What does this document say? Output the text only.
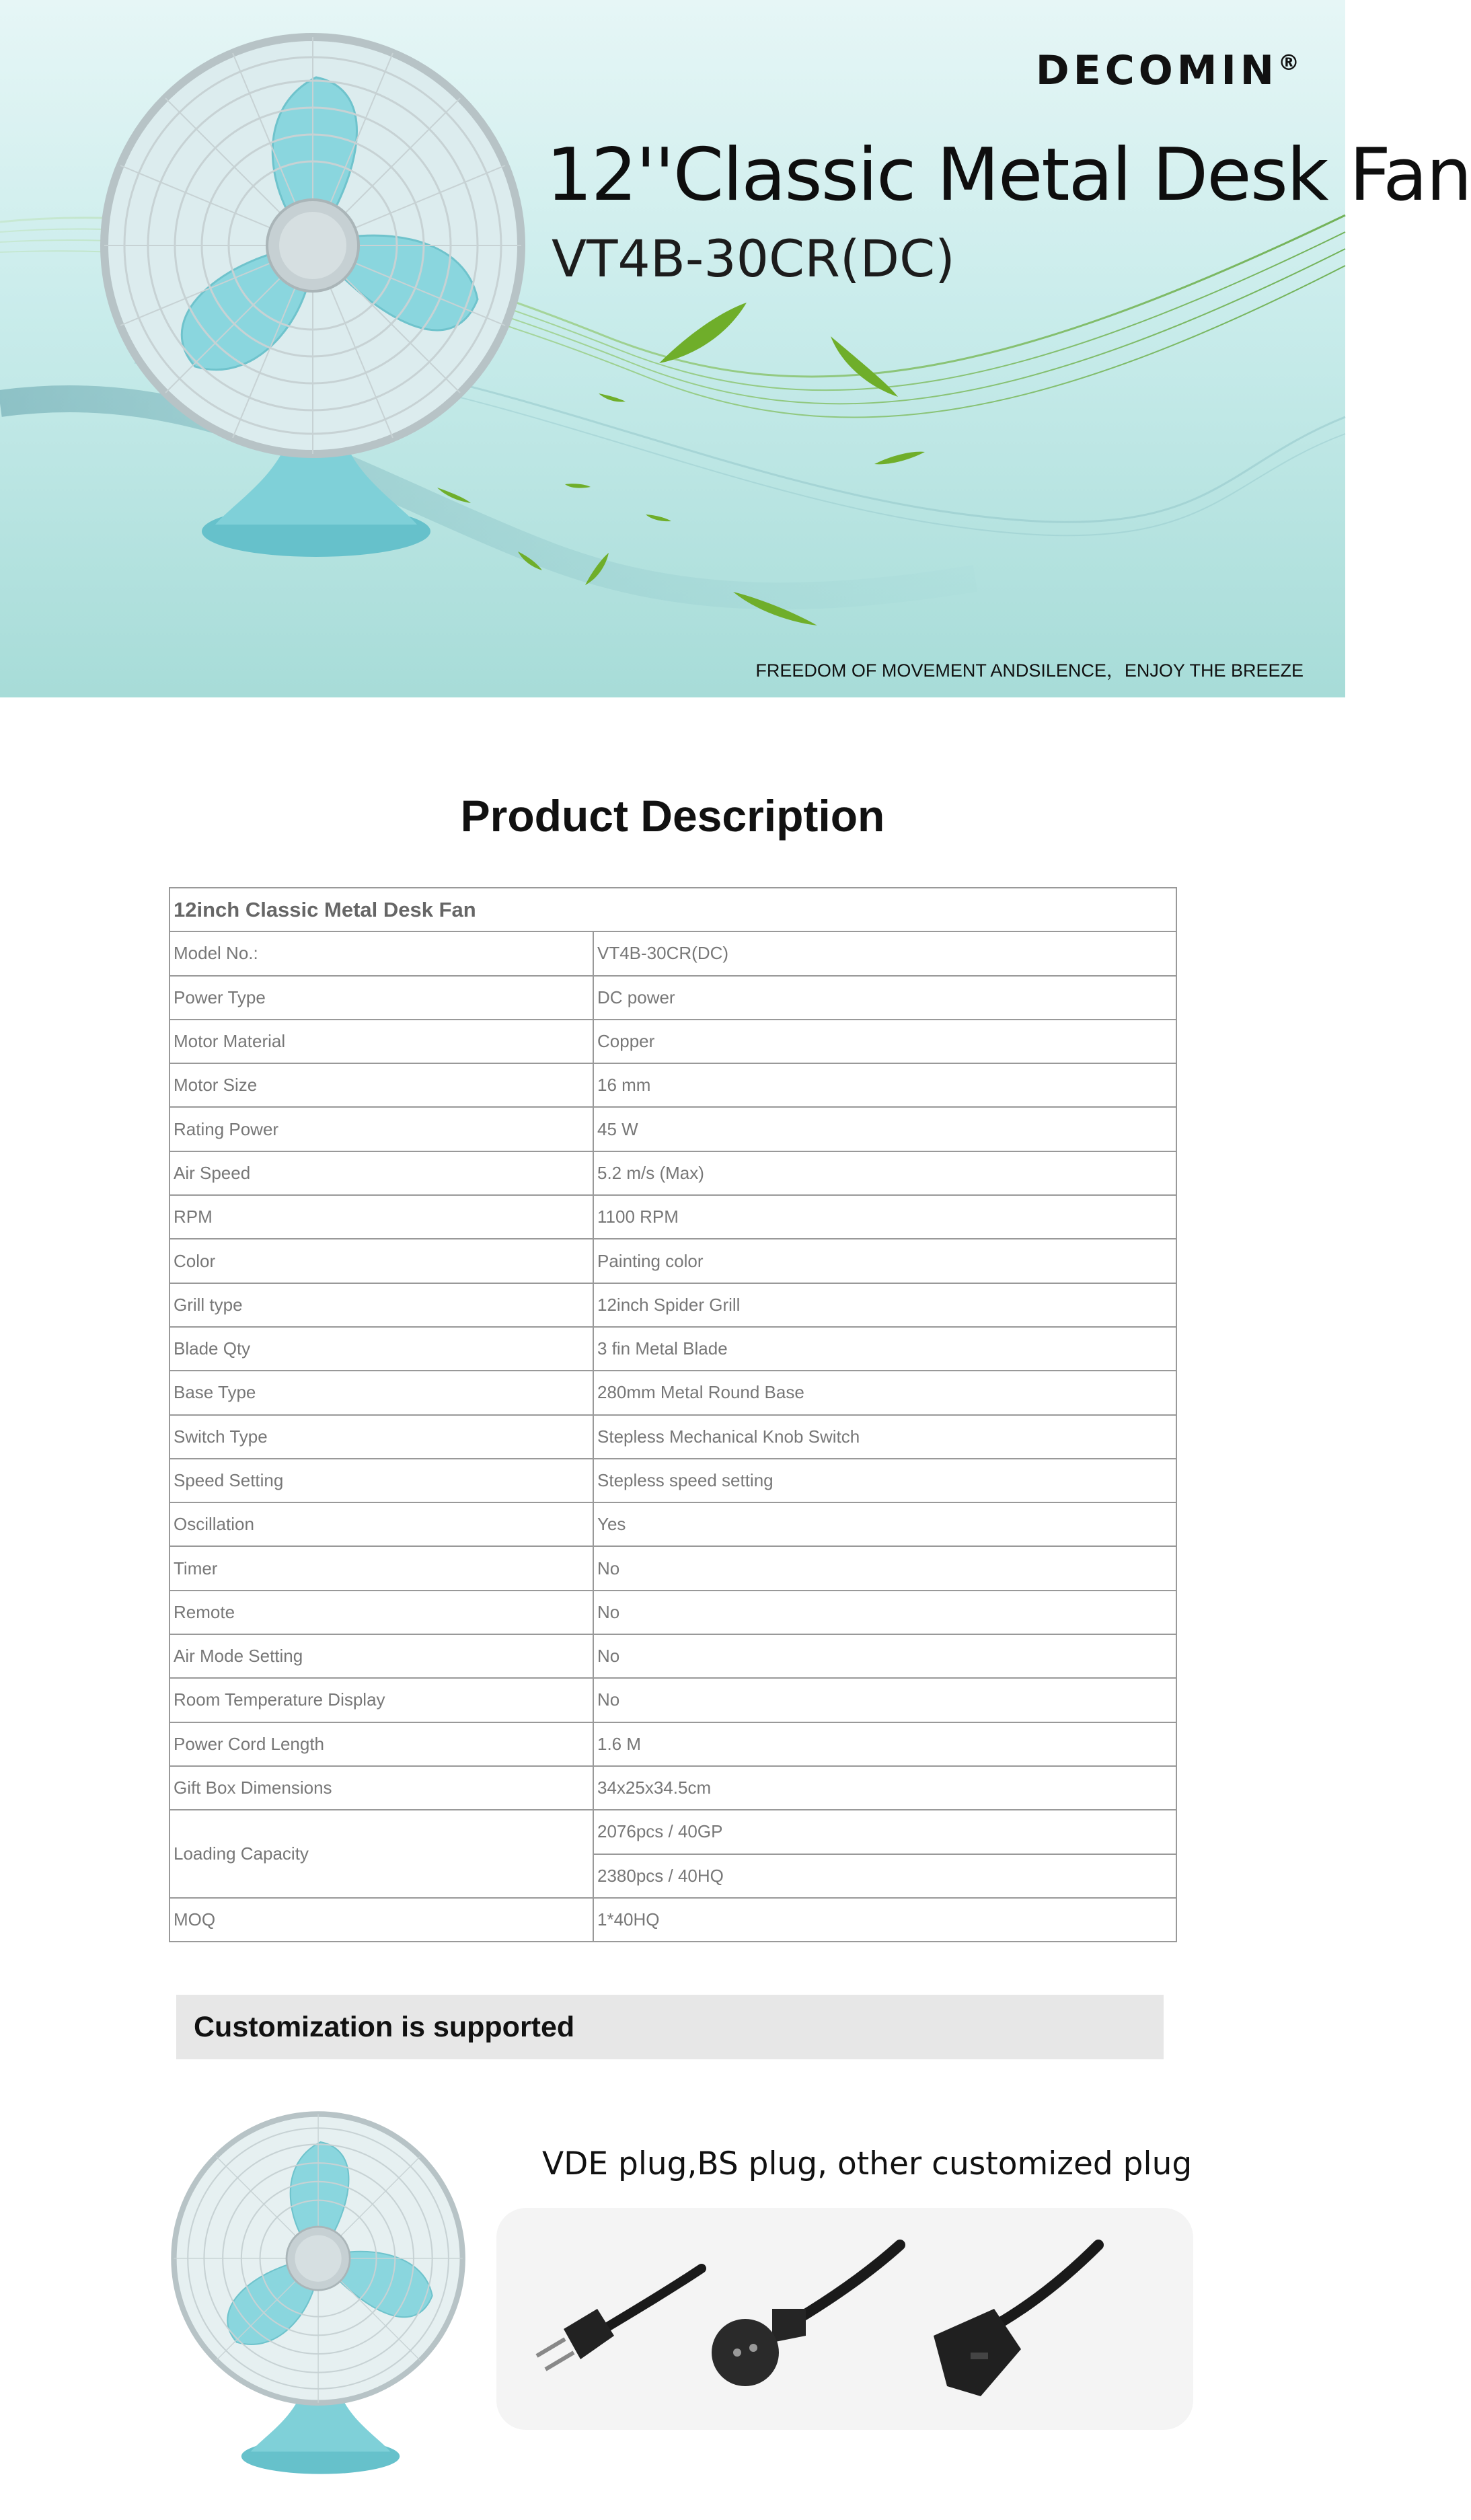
DECOMIN®
12''Classic Metal Desk Fan
VT4B-30CR(DC)
FREEDOM OF MOVEMENT ANDSILENCE，ENJOY THE BREEZE
Product Description
12inch Classic Metal Desk Fan	
Model No.:	VT4B-30CR(DC)
Power Type	DC power
Motor Material	Copper
Motor Size	16 mm
Rating Power	45 W
Air Speed	5.2 m/s (Max)
RPM	1100 RPM
Color	Painting color
Grill type	12inch Spider Grill
Blade Qty	3 fin Metal Blade
Base Type	280mm Metal Round Base
Switch Type	Stepless Mechanical Knob Switch
Speed Setting	Stepless speed setting
Oscillation	Yes
Timer	No
Remote	No
Air Mode Setting	No
Room Temperature Display	No
Power Cord Length	1.6 M
Gift Box Dimensions	34x25x34.5cm
Loading Capacity	2076pcs / 40GP
	2380pcs / 40HQ
MOQ	1*40HQ
Customization is supported
VDE plug,BS plug, other customized plug
